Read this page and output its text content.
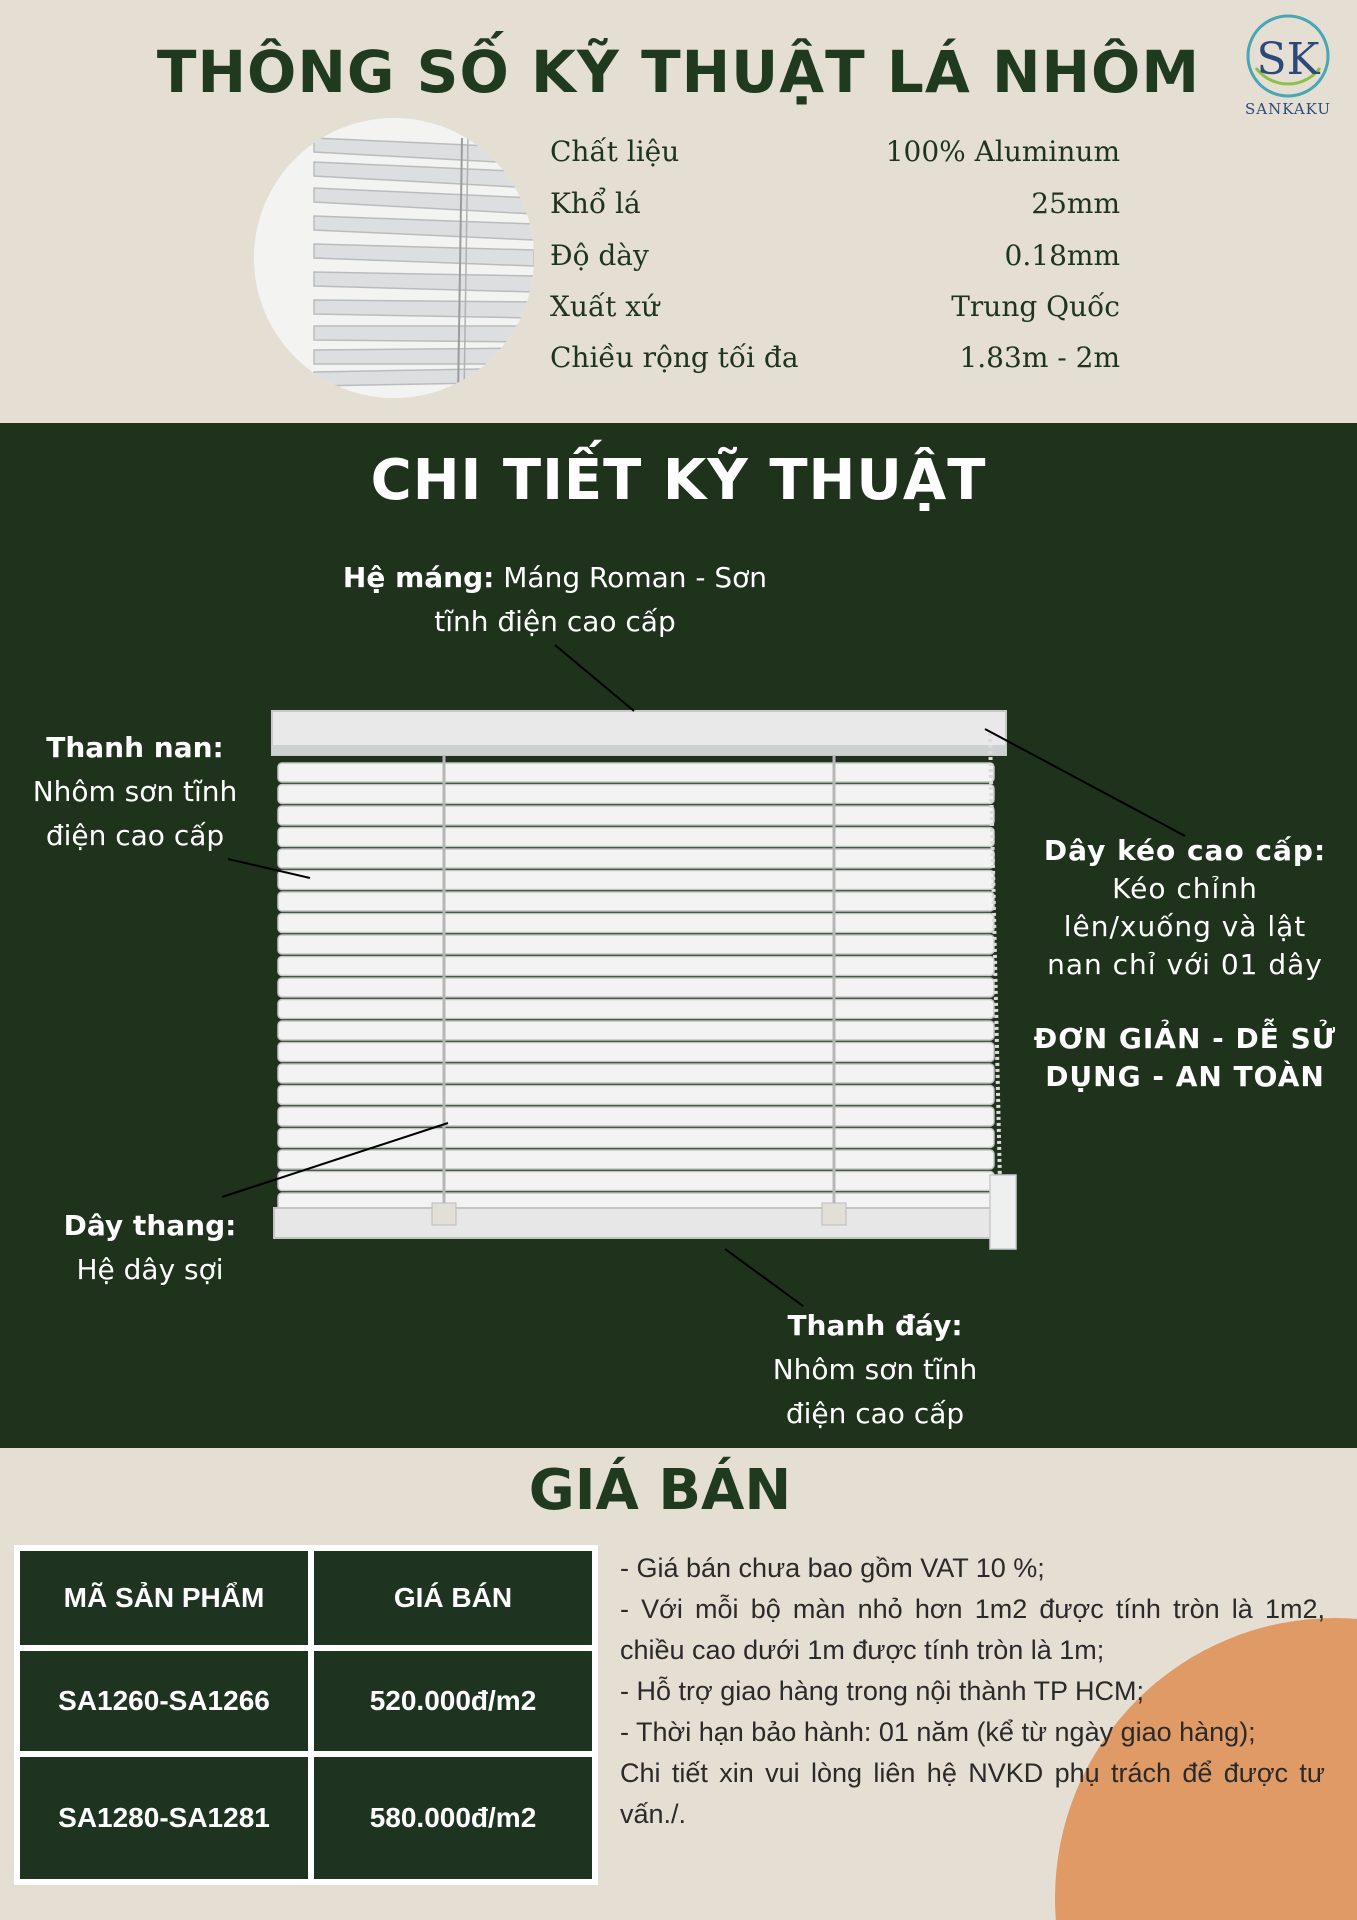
THÔNG SỐ KỸ THUẬT LÁ NHÔM	SK
SANKAKU
Chất liệu	100% Aluminum
Khổ lá	25mm
Độ dày	0.18mm
Xuất xứ	Trung Quốc
Chiều rộng tối đa	1.83m - 2m
CHI TIẾT KỸ THUẬT
Hệ máng: Máng Roman - Sơn
tĩnh điện cao cấp
Thanh nan:
Nhôm sơn tĩnh
điện cao cấp	Dây kéo cao cấp:
Kéo chỉnh
lên/xuống và lật
nan chỉ với 01 dây
ĐƠN GIẢN - DỄ SỬ
DỤNG - AN TOÀN
Dây thang:
Hệ dây sợi
Thanh đáy:
Nhôm sơn tĩnh
điện cao cấp
GIÁ BÁN
MÃ SẢN PHẨM	GIÁ BÁN
SA1260-SA1266	520.000đ/m2
SA1280-SA1281	580.000đ/m2
- Giá bán chưa bao gồm VAT 10 %;
- Với mỗi bộ màn nhỏ hơn 1m2 được tính tròn là 1m2, chiều cao dưới 1m được tính tròn là 1m;
- Hỗ trợ giao hàng trong nội thành TP HCM;
- Thời hạn bảo hành: 01 năm (kể từ ngày giao hàng);
Chi tiết xin vui lòng liên hệ NVKD phụ trách để được tư vấn./.
